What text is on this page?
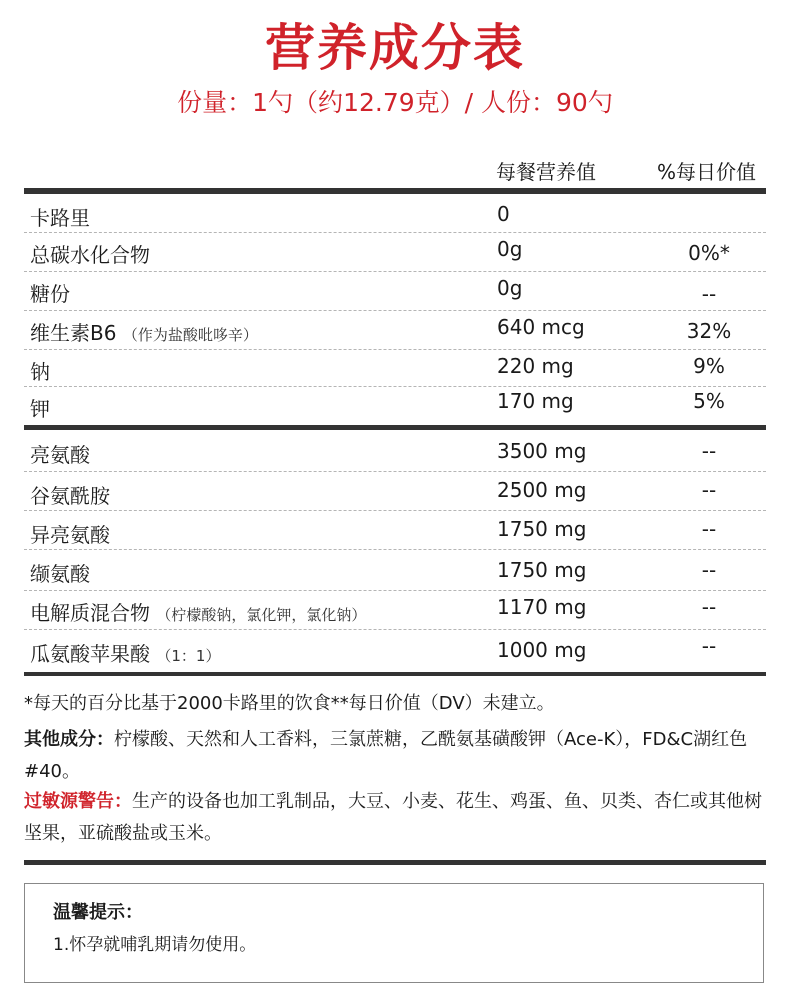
营养成分表
份量：1勺（约12.79克）/ 人份：90勺
每餐营养值	%每日价值
卡路里	0
总碳水化合物	0g	0%*
糖份	0g	--
维生素B6 （作为盐酸吡哆辛）	640 mcg	32%
钠	220 mg	9%
钾	170 mg	5%
亮氨酸	3500 mg	--
谷氨酰胺	2500 mg	--
异亮氨酸	1750 mg	--
缬氨酸	1750 mg	--
电解质混合物 （柠檬酸钠，氯化钾，氯化钠）	1170 mg	--
瓜氨酸苹果酸 （1：1）	1000 mg	--
*每天的百分比基于2000卡路里的饮食**每日价值（DV）未建立。
其他成分：柠檬酸、天然和人工香料，三氯蔗糖，乙酰氨基磺酸钾（Ace-K），FD&C湖红色#40。
过敏源警告：生产的设备也加工乳制品，大豆、小麦、花生、鸡蛋、鱼、贝类、杏仁或其他树坚果，亚硫酸盐或玉米。
温馨提示：
1.怀孕就哺乳期请勿使用。
